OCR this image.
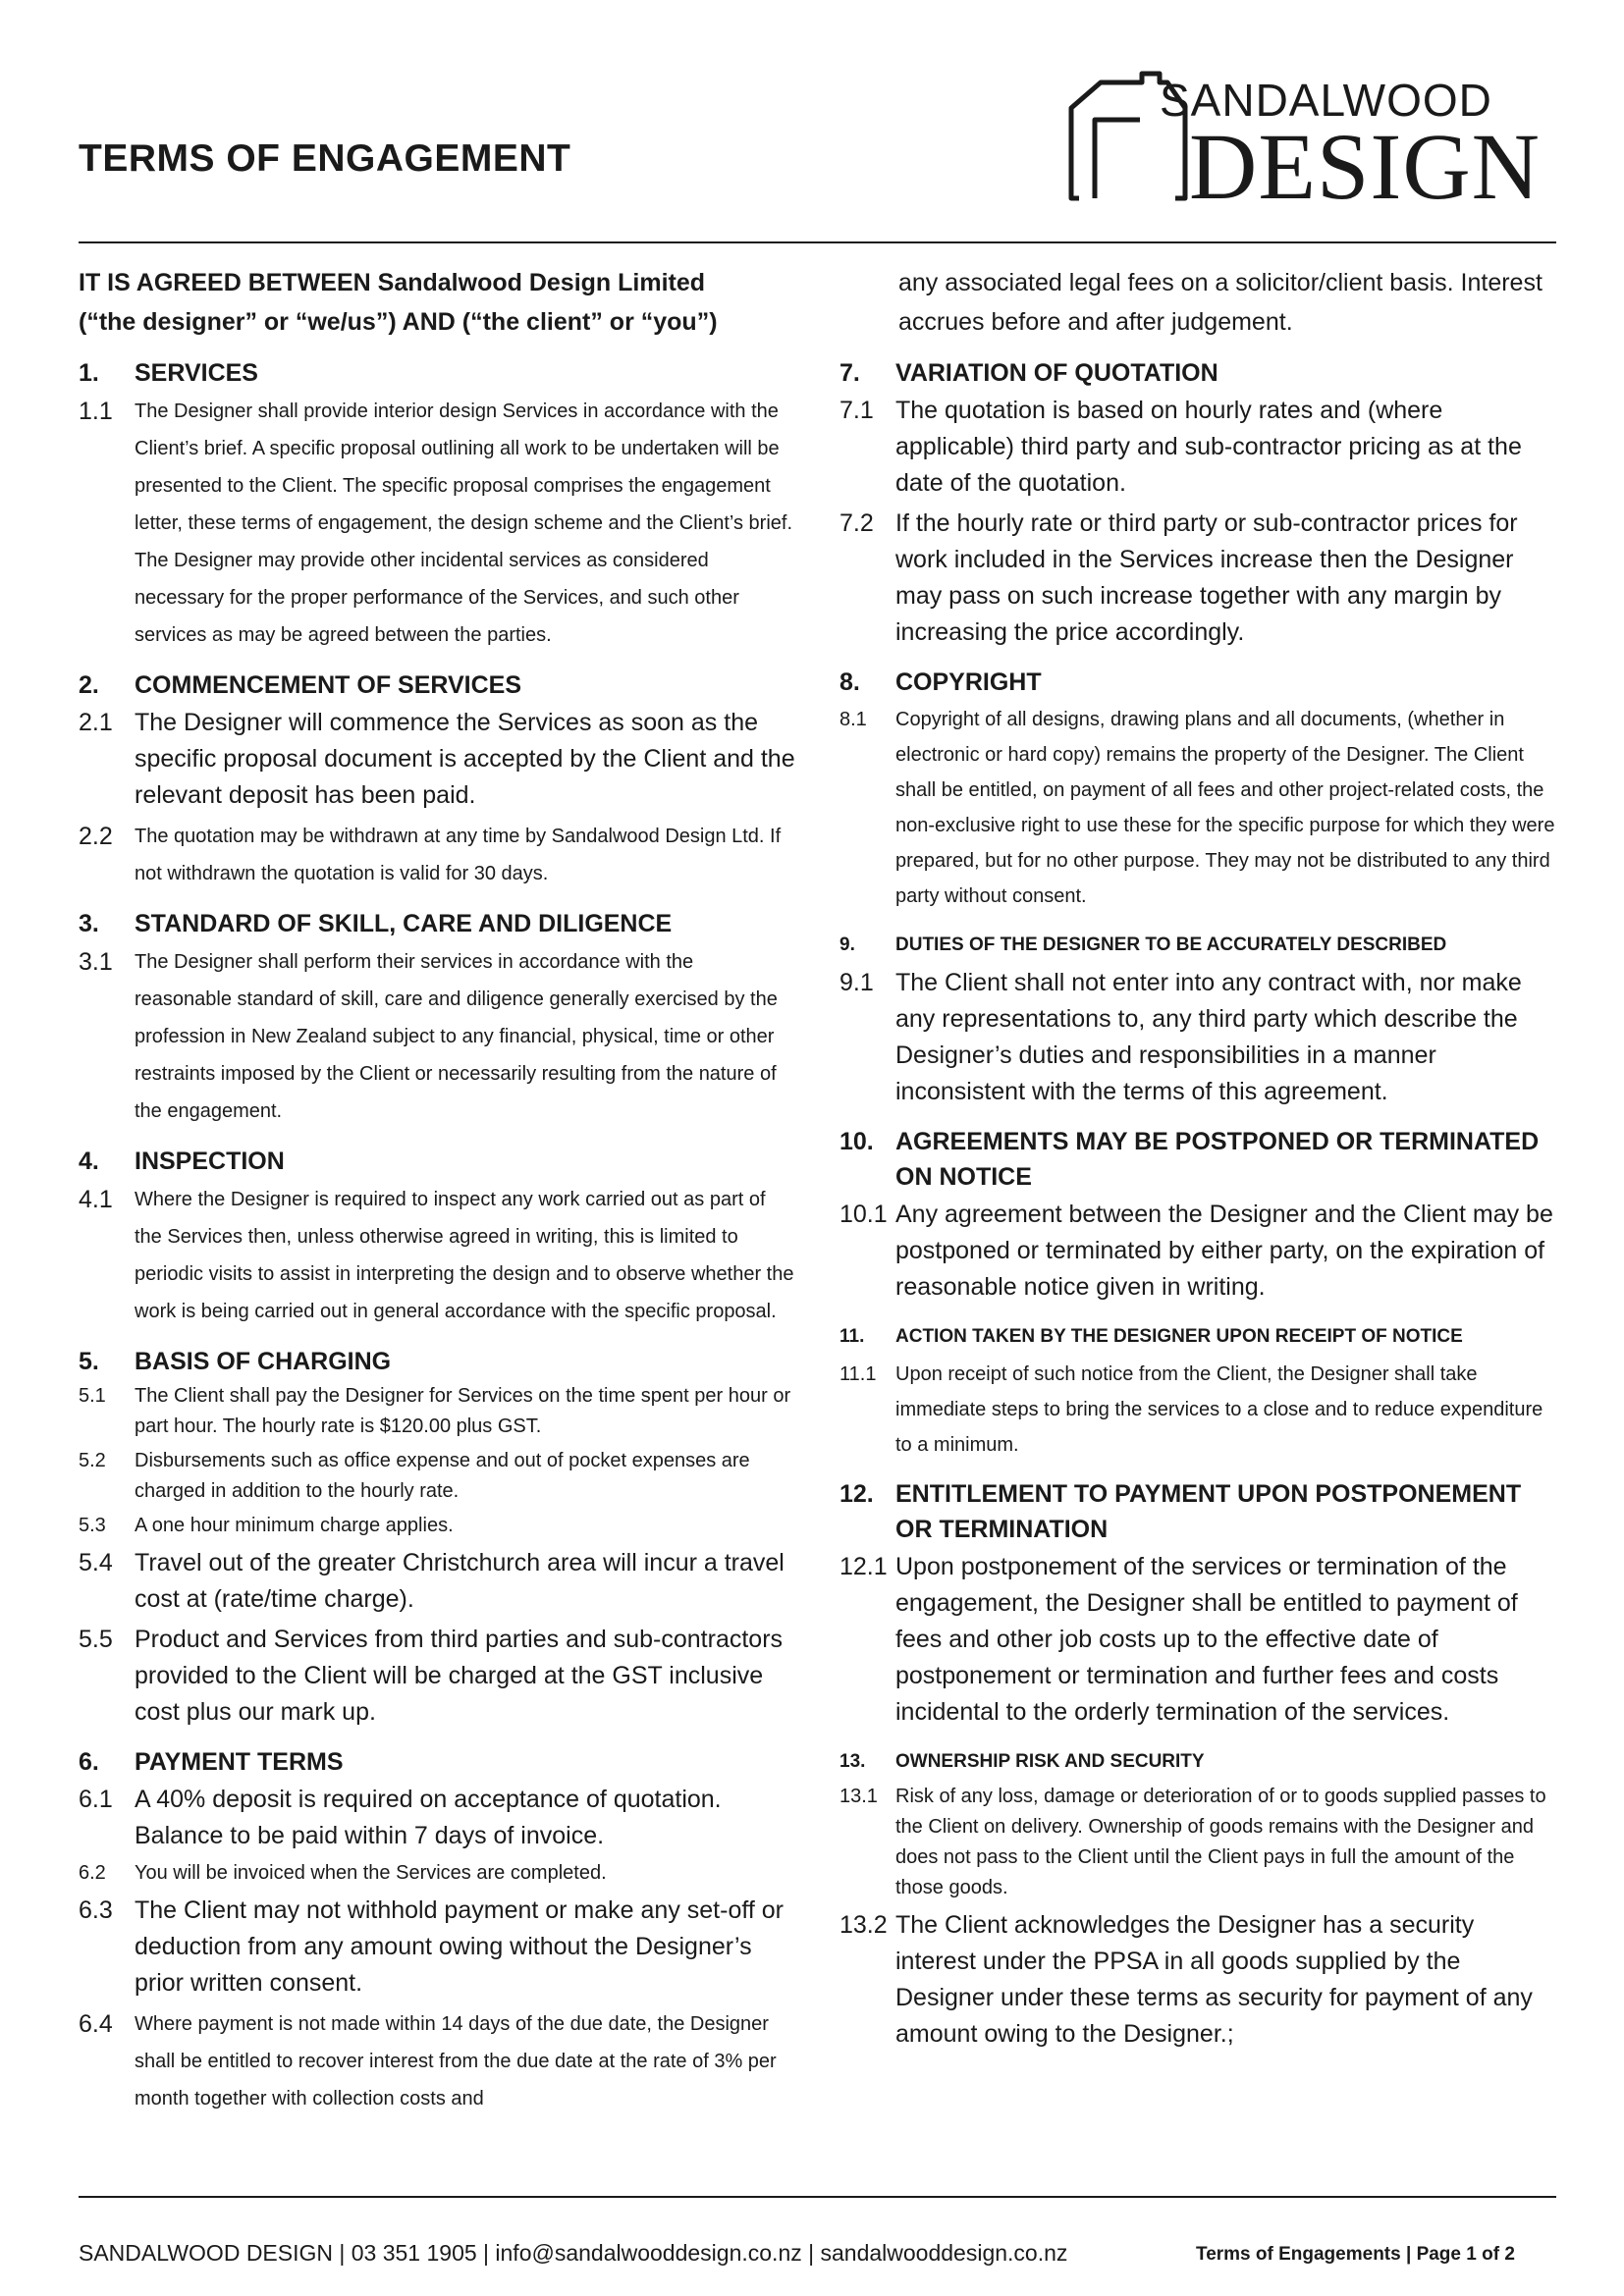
TERMS OF ENGAGEMENT
SANDALWOOD
DESIGN
IT IS AGREED BETWEEN Sandalwood Design Limited
(“the designer” or “we/us”) AND (“the client” or “you”)
1.	SERVICES
1.1 The Designer shall provide interior design Services in accordance with the Client’s brief. A specific proposal outlining all work to be undertaken will be presented to the Client. The specific proposal comprises the engagement letter, these terms of engagement, the design scheme and the Client’s brief. The Designer may provide other incidental services as considered necessary for the proper performance of the Services, and such other services as may be agreed between the parties.
2.	COMMENCEMENT OF SERVICES
2.1 The Designer will commence the Services as soon as the specific proposal document is accepted by the Client and the relevant deposit has been paid.
2.2 The quotation may be withdrawn at any time by Sandalwood Design Ltd. If not withdrawn the quotation is valid for 30 days.
3.	STANDARD OF SKILL, CARE AND DILIGENCE
3.1 The Designer shall perform their services in accordance with the reasonable standard of skill, care and diligence generally exercised by the profession in New Zealand subject to any financial, physical, time or other restraints imposed by the Client or necessarily resulting from the nature of the engagement.
4.	INSPECTION
4.1 Where the Designer is required to inspect any work carried out as part of the Services then, unless otherwise agreed in writing, this is limited to periodic visits to assist in interpreting the design and to observe whether the work is being carried out in general accordance with the specific proposal.
5.	BASIS OF CHARGING
5.1 The Client shall pay the Designer for Services on the time spent per hour or part hour. The hourly rate is $120.00 plus GST.
5.2 Disbursements such as office expense and out of pocket expenses are charged in addition to the hourly rate.
5.3 A one hour minimum charge applies.
5.4 Travel out of the greater Christchurch area will incur a travel cost at (rate/time charge).
5.5 Product and Services from third parties and sub-contractors provided to the Client will be charged at the GST inclusive cost plus our mark up.
6.	PAYMENT TERMS
6.1 A 40% deposit is required on acceptance of quotation. Balance to be paid within 7 days of invoice.
6.2 You will be invoiced when the Services are completed.
6.3 The Client may not withhold payment or make any set-off or deduction from any amount owing without the Designer’s prior written consent.
6.4 Where payment is not made within 14 days of the due date, the Designer shall be entitled to recover interest from the due date at the rate of 3% per month together with collection costs and
any associated legal fees on a solicitor/client basis. Interest accrues before and after judgement.
7.	VARIATION OF QUOTATION
7.1 The quotation is based on hourly rates and (where applicable) third party and sub-contractor pricing as at the date of the quotation.
7.2 If the hourly rate or third party or sub-contractor prices for work included in the Services increase then the Designer may pass on such increase together with any margin by increasing the price accordingly.
8.	COPYRIGHT
8.1 Copyright of all designs, drawing plans and all documents, (whether in electronic or hard copy) remains the property of the Designer. The Client shall be entitled, on payment of all fees and other project-related costs, the non-exclusive right to use these for the specific purpose for which they were prepared, but for no other purpose. They may not be distributed to any third party without consent.
9.	DUTIES OF THE DESIGNER TO BE ACCURATELY DESCRIBED
9.1 The Client shall not enter into any contract with, nor make any representations to, any third party which describe the Designer’s duties and responsibilities in a manner inconsistent with the terms of this agreement.
10. AGREEMENTS MAY BE POSTPONED OR TERMINATED ON NOTICE
10.1 Any agreement between the Designer and the Client may be postponed or terminated by either party, on the expiration of reasonable notice given in writing.
11.	ACTION TAKEN BY THE DESIGNER UPON RECEIPT OF NOTICE
11.1 Upon receipt of such notice from the Client, the Designer shall take immediate steps to bring the services to a close and to reduce expenditure to a minimum.
12. ENTITLEMENT TO PAYMENT UPON POSTPONEMENT OR TERMINATION
12.1 Upon postponement of the services or termination of the engagement, the Designer shall be entitled to payment of fees and other job costs up to the effective date of postponement or termination and further fees and costs incidental to the orderly termination of the services.
13.	OWNERSHIP RISK AND SECURITY
13.1 Risk of any loss, damage or deterioration of or to goods supplied passes to the Client on delivery. Ownership of goods remains with the Designer and does not pass to the Client until the Client pays in full the amount of the those goods.
13.2 The Client acknowledges the Designer has a security interest under the PPSA in all goods supplied by the Designer under these terms as security for payment of any amount owing to the Designer.;
SANDALWOOD DESIGN | 03 351 1905 | info@sandalwooddesign.co.nz | sandalwooddesign.co.nz	Terms of Engagements | Page 1 of 2
